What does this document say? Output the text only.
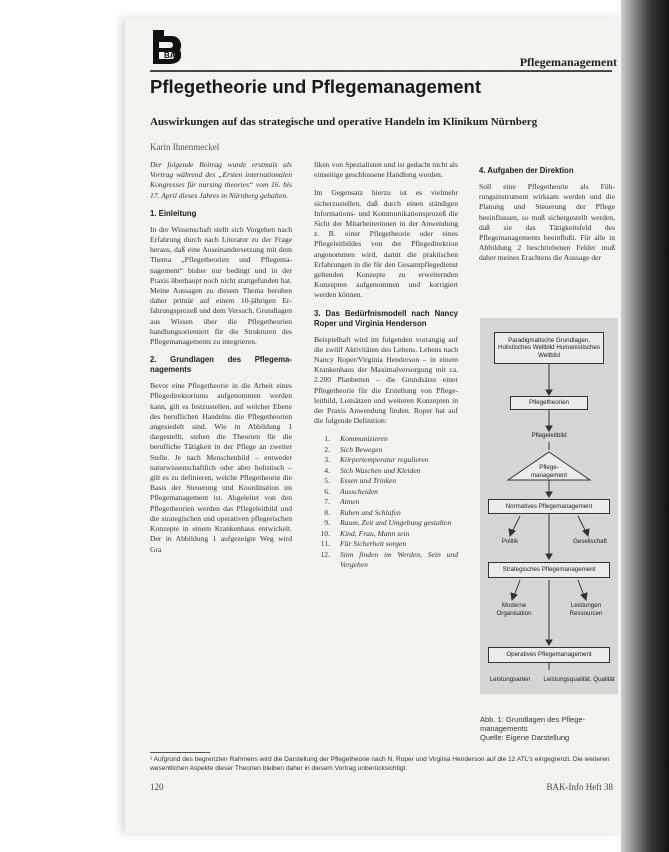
BAK	Pflegemanagement
Pflegetheorie und Pflegemanagement
Auswirkungen auf das strategische und operative Handeln im Klinikum Nürnberg
Karin Ihnenmeckel

Der folgende Beitrag wurde erstmals als Vortrag während des „Ersten internationalen Kongresses für nursing theories“ vom 16. bis 17. April dieses Jahres in Nürnberg gehalten.

1. Einleitung

In der Wissenschaft stellt sich Vorgehen nach Erfahrung durch nach Literatur zu der Frage heraus, daß eine Auseinandersetzung mit dem Thema „Pflegetheorien und Pflegemanagement“ bisher nur bedingt und in der Praxis überhaupt noch nicht stattgefunden hat. Meine Aussagen zu diesem Thema beruhen daher primär auf einem 10-jährigen Erfahrungsprozeß und dem Versuch, Grundlagen aus Wissen über die Pflegetheorien handlungsorientiert für die Strukturen des Pflegemanagements zu integrieren.

2. Grundlagen des Pflegemanagements

Bevor eine Pflegetheorie in die Arbeit eines Pflegedirektoriums aufgenommen werden kann, gilt es festzustellen, auf welcher Ebene des beruflichen Handelns die Pflegetheorien angesiedelt sind. Wie in Abbildung 1 dargestellt, stehen die Theorien für die berufliche Tätigkeit in der Pflege an zweiter Stelle. Je nach Menschenbild – entweder naturwissenschaftlich oder aber holistisch – gilt es zu definieren, welche Pflegetheorie die Basis der Steuerung und Koordination im Pflegemanagement ist. Abgeleitet von den Pflegetheorien werden das Pflegeleitbild und die strategischen und operativen pflegerischen Konzepte in einem Krankenhaus entwickelt. Der in Abbildung 1 aufgezeigte Weg wird Gra

fiken von Spezialisten und ist gedacht nicht als einseitige geschlossene Handlung werden.

Im Gegensatz hierzu ist es vielmehr sicherzustellen, daß durch einen ständigen Informations- und Kommunikationsprozeß die Sicht der Mitarbeiterinnen in der Anwendung z. B. einer Pflegetheorie oder eines Pflegeleitbildes von der Pflegedirektion angenommen wird, damit die praktischen Erfahrungen in die für den Gesamtpflegedienst geltenden Konzepte zu erweiternden Konzepten aufgenommen und korrigiert werden können.

3. Das Bedürfnismodell nach Nancy Roper und Virginia Henderson

Beispielhaft wird im folgenden vorrangig auf die zwölf Aktivitäten des Lebens. Lebens nach Nancy Roper/Virginia Henderson – in einem Krankenhaus der Maximalversorgung mit ca. 2.200 Planbetten – die Grundsätze einer Pflegetheorie für die Erstellung von Pflegeleitbild, Leitsätzen und weiteren Konzepten in der Praxis Anwendung finden. Roper hat auf die folgende Definition:

1. Kommunizieren
2. Sich Bewegen
3. Körpertemperatur regulieren
4. Sich Waschen und Kleiden
5. Essen und Trinken
6. Ausscheiden
7. Atmen
8. Ruhen und Schlafen
9. Raum, Zeit und Umgebung gestalten
10. Kind, Frau, Mann sein
11. Für Sicherheit sorgen
12. Sinn finden im Werden, Sein und Vergehen
4. Aufgaben der Direktion

Soll eine Pflegetheorie als Führungsinstrument wirksam werden und die Planung und Steuerung der Pflege beeinflussen, so muß sichergestellt werden, daß sie das Tätigkeitsfeld des Pflegemanagements beeinflußt. Für alle in Abbildung 2 beschriebenen Felder muß daher meines Erachtens die Aussage der

Paradigmatische Grundlagen, Holistisches Weltbild Humanistisches Weltbild
Pflegetheorien
Pflegeleitbild
Pflegemanagement
Normatives Pflegemanagement
Politik	Gesellschaft
Strategisches Pflegemanagement
Moderne Organisation
Leistungen Ressourcen
Operatives Pflegemanagement
Leistungsarten	Leistungsqualität, Qualität
Abb. 1: Grundlagen des Pflegemanagements
Quelle: Eigene Darstellung
¹ Aufgrund des begrenzten Rahmens wird die Darstellung der Pflegetheorie nach N. Roper und Virginia Henderson auf die 12 ATL's eingegrenzt. Die weiteren wesentlichen Aspekte dieser Theorien bleiben daher in diesem Vortrag unberücksichtigt.
120	BAK-Info Heft 38
